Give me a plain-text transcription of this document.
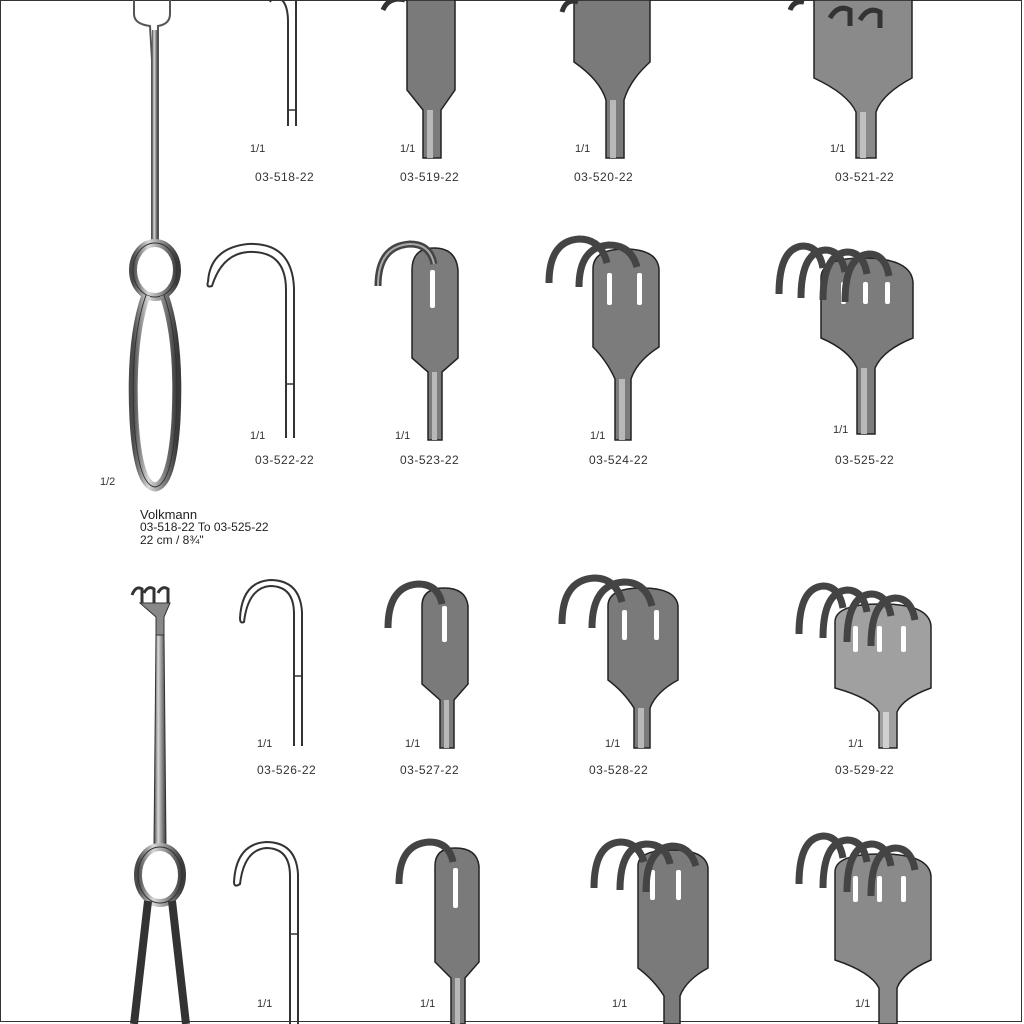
1/2
1/1	1/1	1/1	1/1
03-518-22	03-519-22	03-520-22	03-521-22
1/1	1/1	1/1	1/1
03-522-22	03-523-22	03-524-22	03-525-22
Volkmann
03-518-22 To 03-525-22
22 cm / 8¾"
1/1	1/1	1/1	1/1
03-526-22	03-527-22	03-528-22	03-529-22
1/1	1/1	1/1	1/1
